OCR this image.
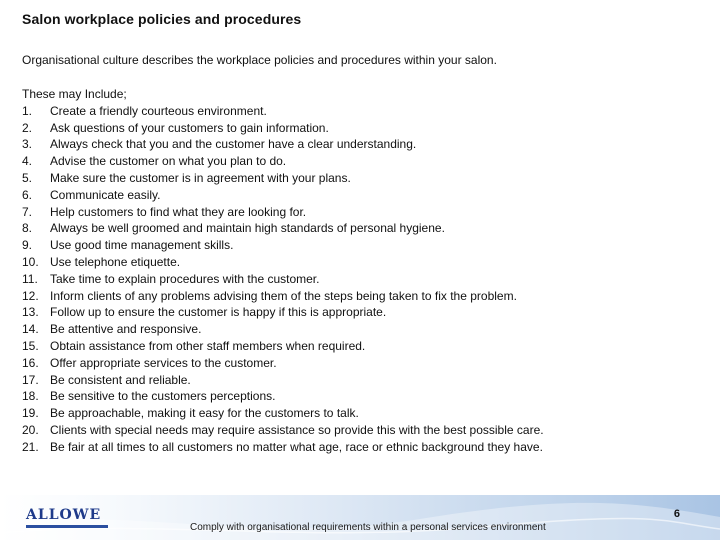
Salon workplace policies and procedures

Organisational culture describes the workplace policies and procedures within your salon.

These may Include;

1.	Create a friendly courteous environment.
2.	Ask questions of your customers to gain information.
3.	Always check that you and the customer have a clear understanding.
4.	Advise the customer on what you plan to do.
5.	Make sure the customer is in agreement with your plans.
6.	Communicate easily.
7.	Help customers to find what they are looking for.
8.	Always be well groomed and maintain high standards of personal hygiene.
9.	Use good time management skills.
10. Use telephone etiquette.
11.	Take time to explain procedures with the customer.
12. Inform clients of any problems advising them of the steps being taken to fix the problem.
13. Follow up to ensure the customer is happy if this is appropriate.
14. Be attentive and responsive.
15. Obtain assistance from other staff members when required.
16. Offer appropriate services to the customer.
17. Be consistent and reliable.
18. Be sensitive to the customers perceptions.
19. Be approachable, making it easy for the customers to talk.
20. Clients with special needs may require assistance so provide this with the best possible care.
21. Be fair at all times to all customers no matter what age, race or ethnic background they have.
ALLOWE
Comply with organisational requirements within a personal services environment
6
